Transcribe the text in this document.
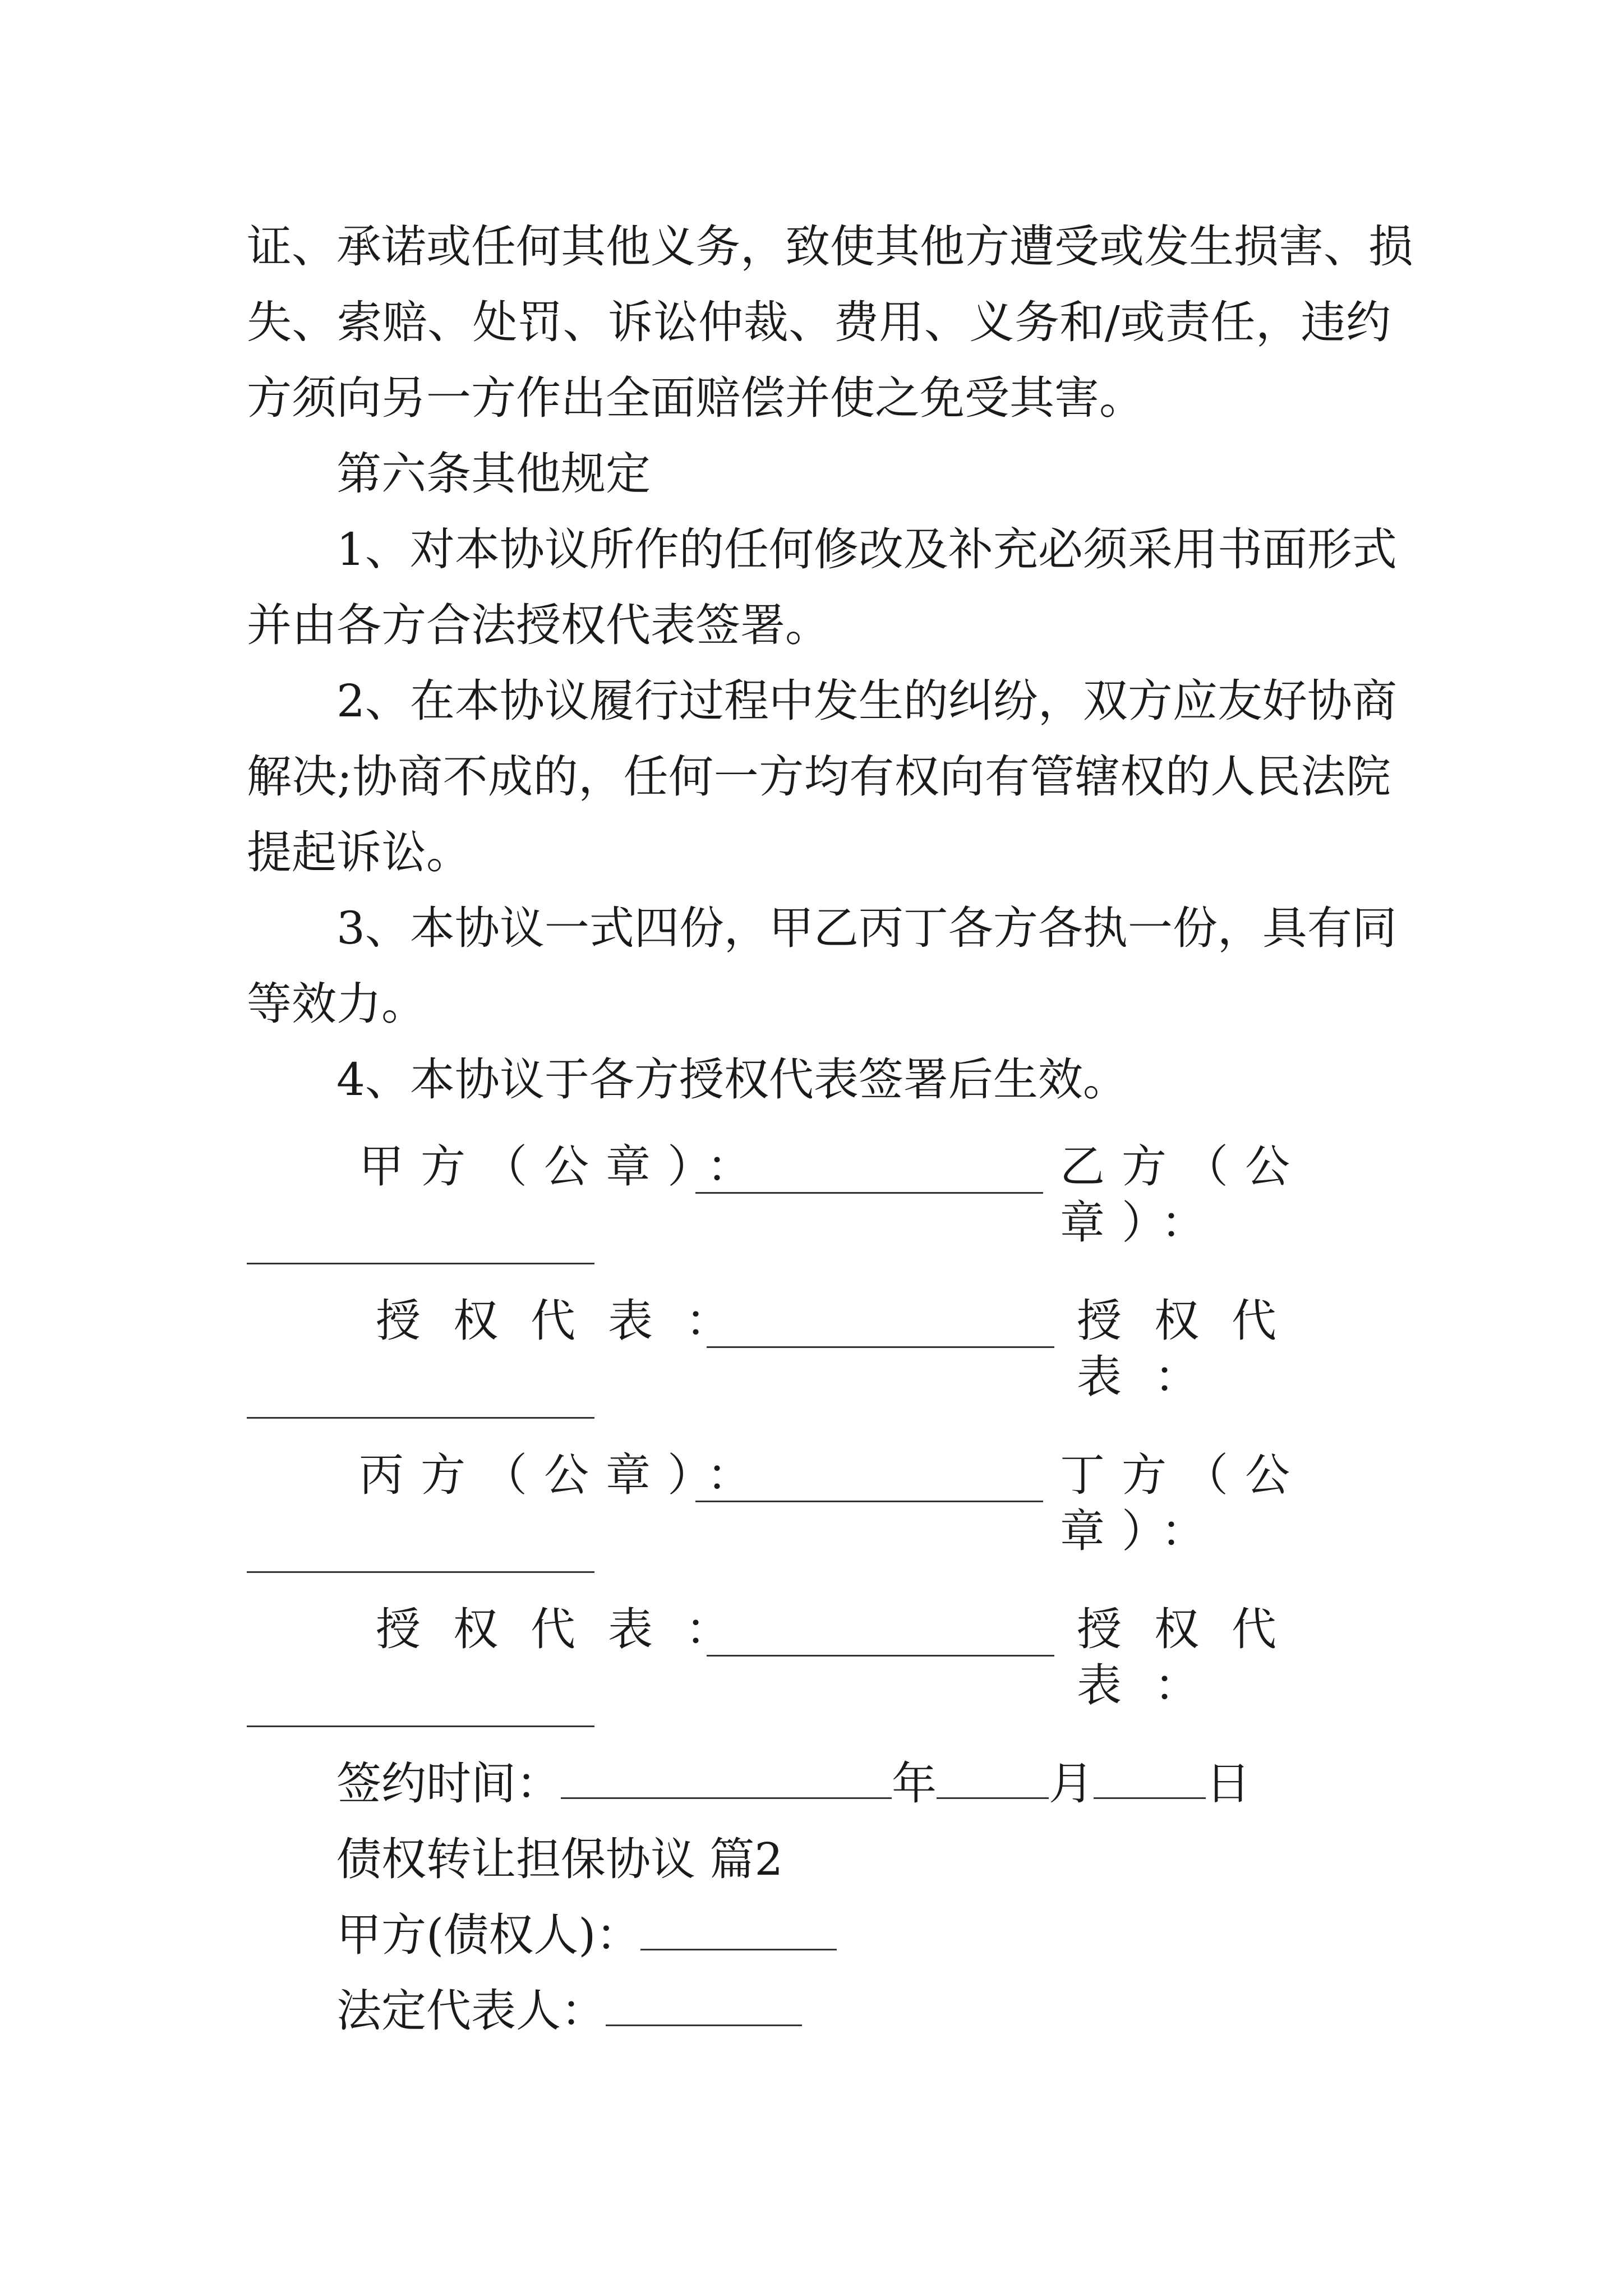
证、承诺或任何其他义务，致使其他方遭受或发生损害、损
失、索赔、处罚、诉讼仲裁、费用、义务和/或责任，违约
方须向另一方作出全面赔偿并使之免受其害。
第六条其他规定
1、对本协议所作的任何修改及补充必须采用书面形式
并由各方合法授权代表签署。
2、在本协议履行过程中发生的纠纷，双方应友好协商
解决;协商不成的，任何一方均有权向有管辖权的人民法院
提起诉讼。
3、本协议一式四份，甲乙丙丁各方各执一份，具有同
等效力。
4、本协议于各方授权代表签署后生效。
甲方（公章）：	乙方（公章）：
授权代表：	授权代表：
丙方（公章）：	丁方（公章）：
授权代表：	授权代表：
签约时间：	年	月	日
债权转让担保协议 篇2
甲方(债权人)：
法定代表人：
